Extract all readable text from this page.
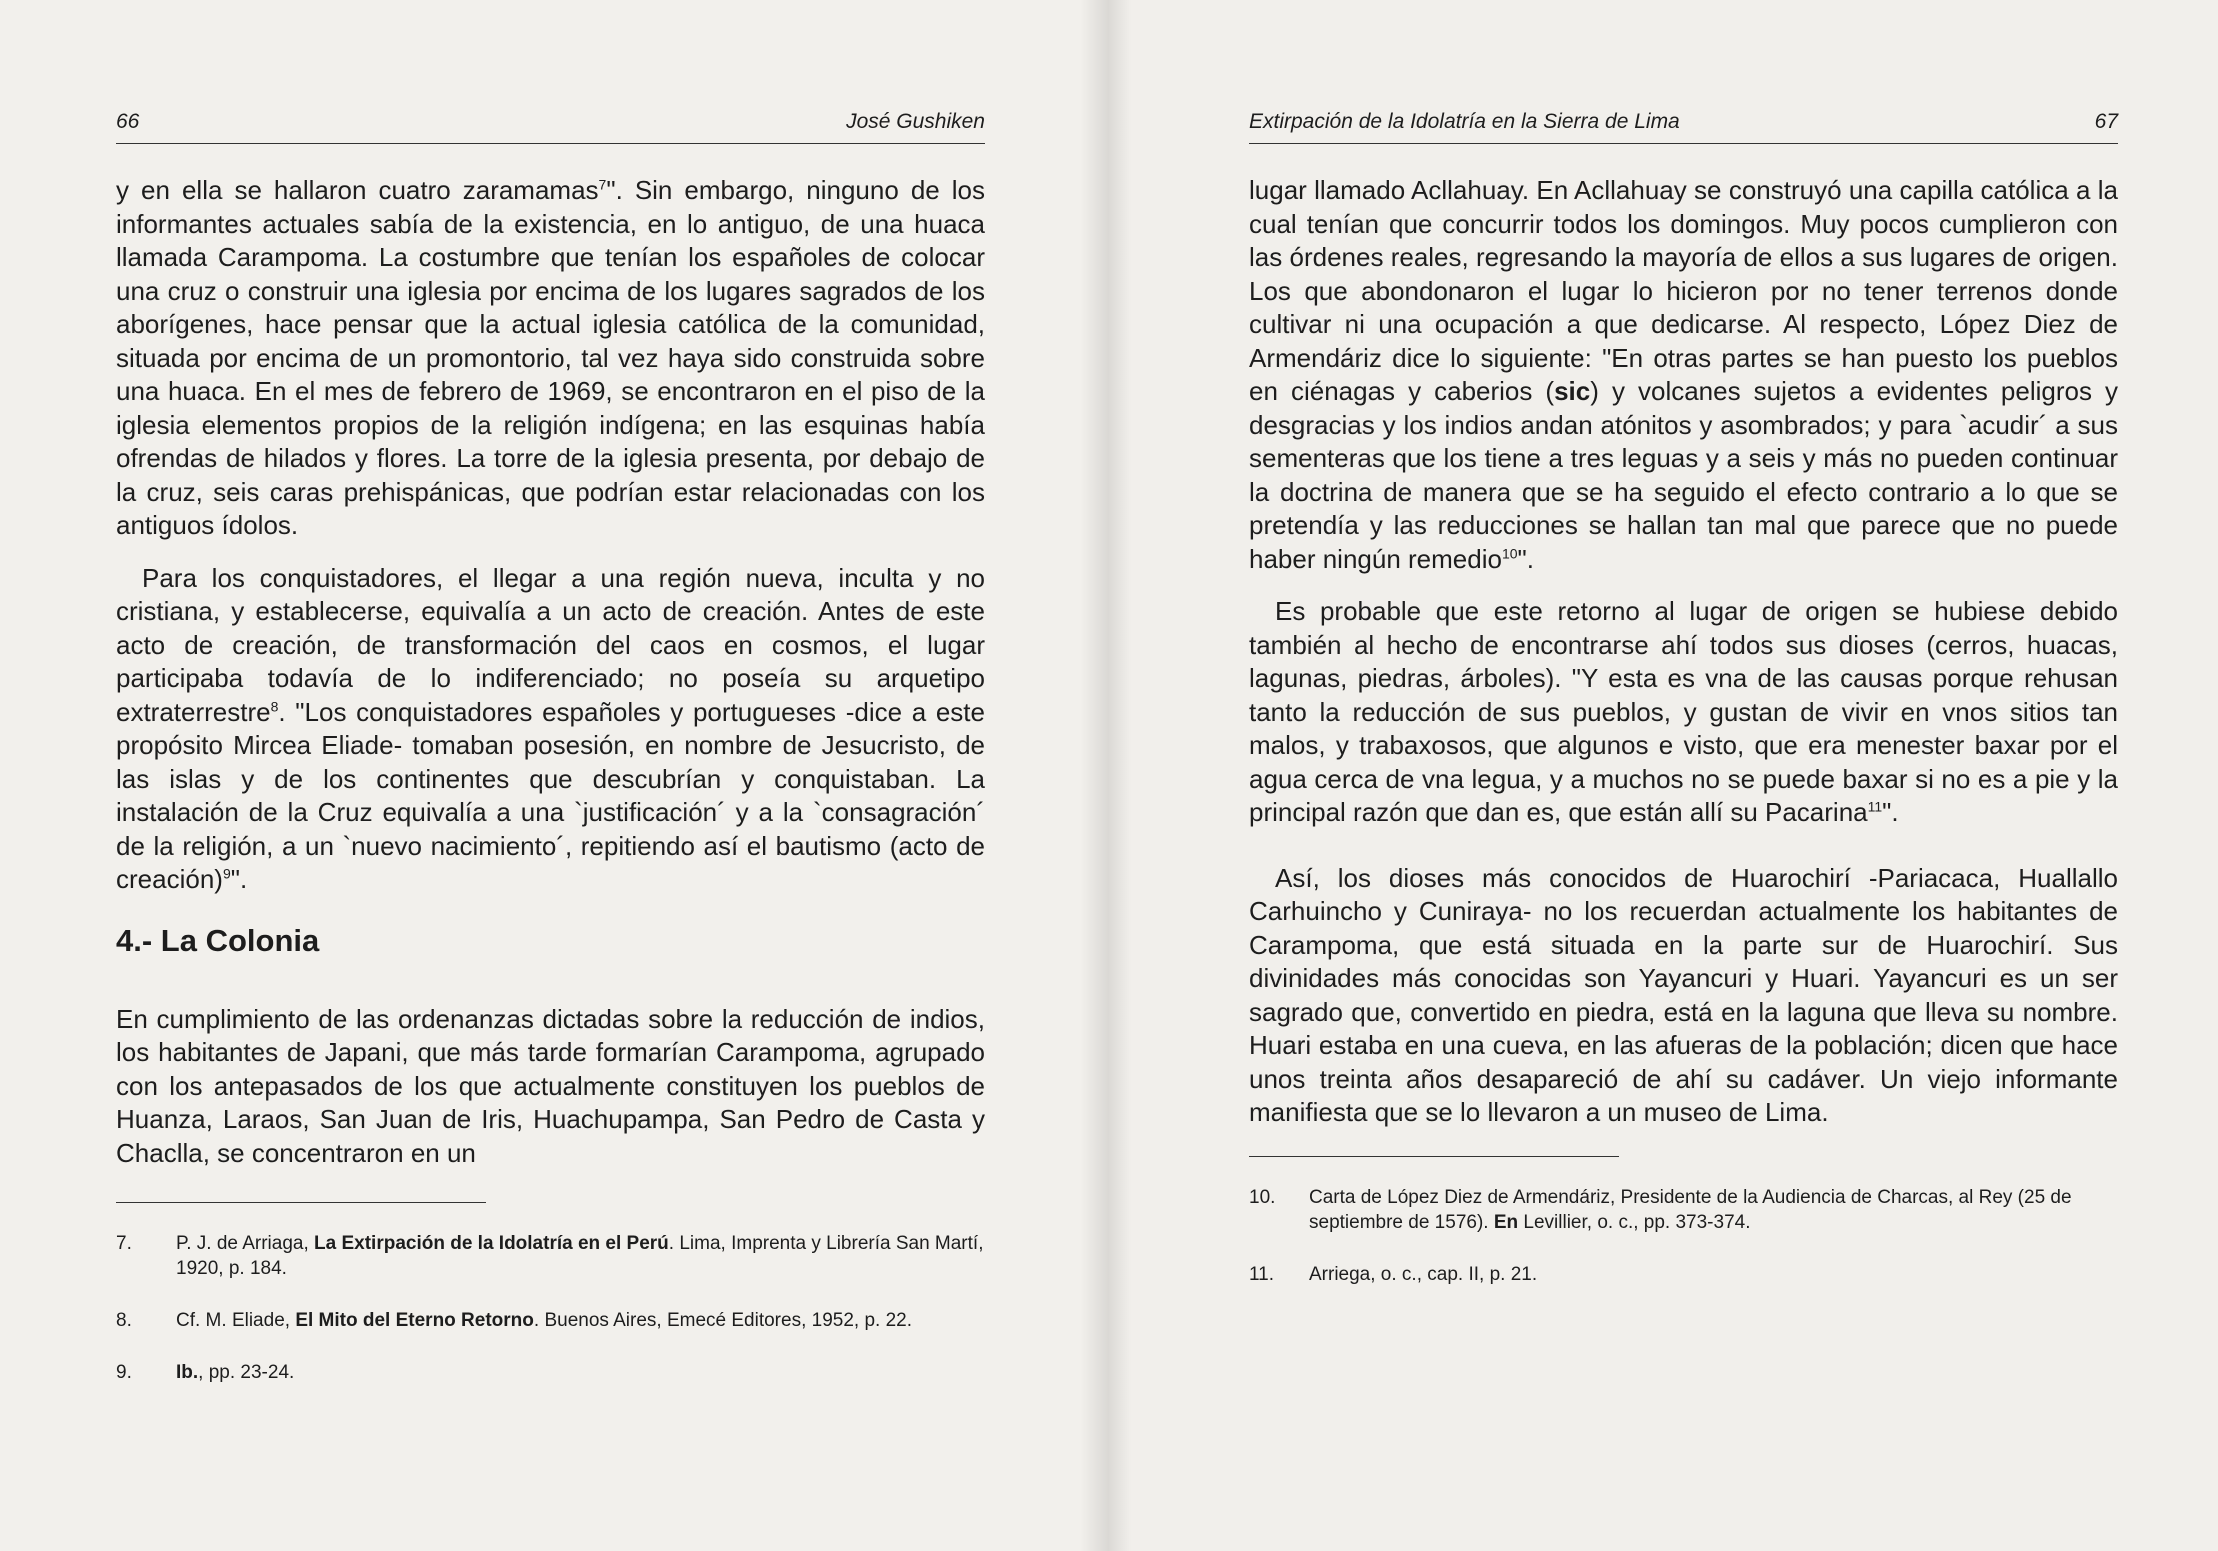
66	José Gushiken

y en ella se hallaron cuatro zaramamas$^7$". Sin embargo, ninguno de los informantes actuales sabía de la existencia, en lo antiguo, de una huaca llamada Carampoma. La costumbre que tenían los españoles de colocar una cruz o construir una iglesia por encima de los lugares sagrados de los aborígenes, hace pensar que la actual iglesia católica de la comunidad, situada por encima de un promontorio, tal vez haya sido construida sobre una huaca. En el mes de febrero de 1969, se encontraron en el piso de la iglesia elementos propios de la religión indígena; en las esquinas había ofrendas de hilados y flores. La torre de la iglesia presenta, por debajo de la cruz, seis caras prehispánicas, que podrían estar relacionadas con los antiguos ídolos.

Para los conquistadores, el llegar a una región nueva, inculta y no cristiana, y establecerse, equivalía a un acto de creación. Antes de este acto de creación, de transformación del caos en cosmos, el lugar participaba todavía de lo indiferenciado; no poseía su arquetipo extraterrestre$^8$. "Los conquistadores españoles y portugueses -dice a este propósito Mircea Eliade- tomaban posesión, en nombre de Jesucristo, de las islas y de los continentes que descubrían y conquistaban. La instalación de la Cruz equivalía a una `justificación´ y a la `consagración´ de la religión, a un `nuevo nacimiento´, repitiendo así el bautismo (acto de creación)$^9$".

4.- La Colonia

En cumplimiento de las ordenanzas dictadas sobre la reducción de indios, los habitantes de Japani, que más tarde formarían Carampoma, agrupado con los antepasados de los que actualmente constituyen los pueblos de Huanza, Laraos, San Juan de Iris, Huachupampa, San Pedro de Casta y Chaclla, se concentraron en un

7.	P. J. de Arriaga, La Extirpación de la Idolatría en el Perú. Lima, Imprenta y Librería San Martí, 1920, p. 184.
8.	Cf. M. Eliade, El Mito del Eterno Retorno. Buenos Aires, Emecé Editores, 1952, p. 22.
9.	Ib., pp. 23-24.
Extirpación de la Idolatría en la Sierra de Lima	67

lugar llamado Acllahuay. En Acllahuay se construyó una capilla católica a la cual tenían que concurrir todos los domingos. Muy pocos cumplieron con las órdenes reales, regresando la mayoría de ellos a sus lugares de origen. Los que abondonaron el lugar lo hicieron por no tener terrenos donde cultivar ni una ocupación a que dedicarse. Al respecto, López Diez de Armendáriz dice lo siguiente: "En otras partes se han puesto los pueblos en ciénagas y caberios (sic) y volcanes sujetos a evidentes peligros y desgracias y los indios andan atónitos y asombrados; y para `acudir´ a sus sementeras que los tiene a tres leguas y a seis y más no pueden continuar la doctrina de manera que se ha seguido el efecto contrario a lo que se pretendía y las reducciones se hallan tan mal que parece que no puede haber ningún remedio$^{10}$".

Es probable que este retorno al lugar de origen se hubiese debido también al hecho de encontrarse ahí todos sus dioses (cerros, huacas, lagunas, piedras, árboles). "Y esta es vna de las causas porque rehusan tanto la reducción de sus pueblos, y gustan de vivir en vnos sitios tan malos, y trabaxosos, que algunos e visto, que era menester baxar por el agua cerca de vna legua, y a muchos no se puede baxar si no es a pie y la principal razón que dan es, que están allí su Pacarina$^{11}$".

Así, los dioses más conocidos de Huarochirí -Pariacaca, Huallallo Carhuincho y Cuniraya- no los recuerdan actualmente los habitantes de Carampoma, que está situada en la parte sur de Huarochirí. Sus divinidades más conocidas son Yayancuri y Huari. Yayancuri es un ser sagrado que, convertido en piedra, está en la laguna que lleva su nombre. Huari estaba en una cueva, en las afueras de la población; dicen que hace unos treinta años desapareció de ahí su cadáver. Un viejo informante manifiesta que se lo llevaron a un museo de Lima.

10.	Carta de López Diez de Armendáriz, Presidente de la Audiencia de Charcas, al Rey (25 de septiembre de 1576). En Levillier, o. c., pp. 373-374.
11.	Arriega, o. c., cap. II, p. 21.
